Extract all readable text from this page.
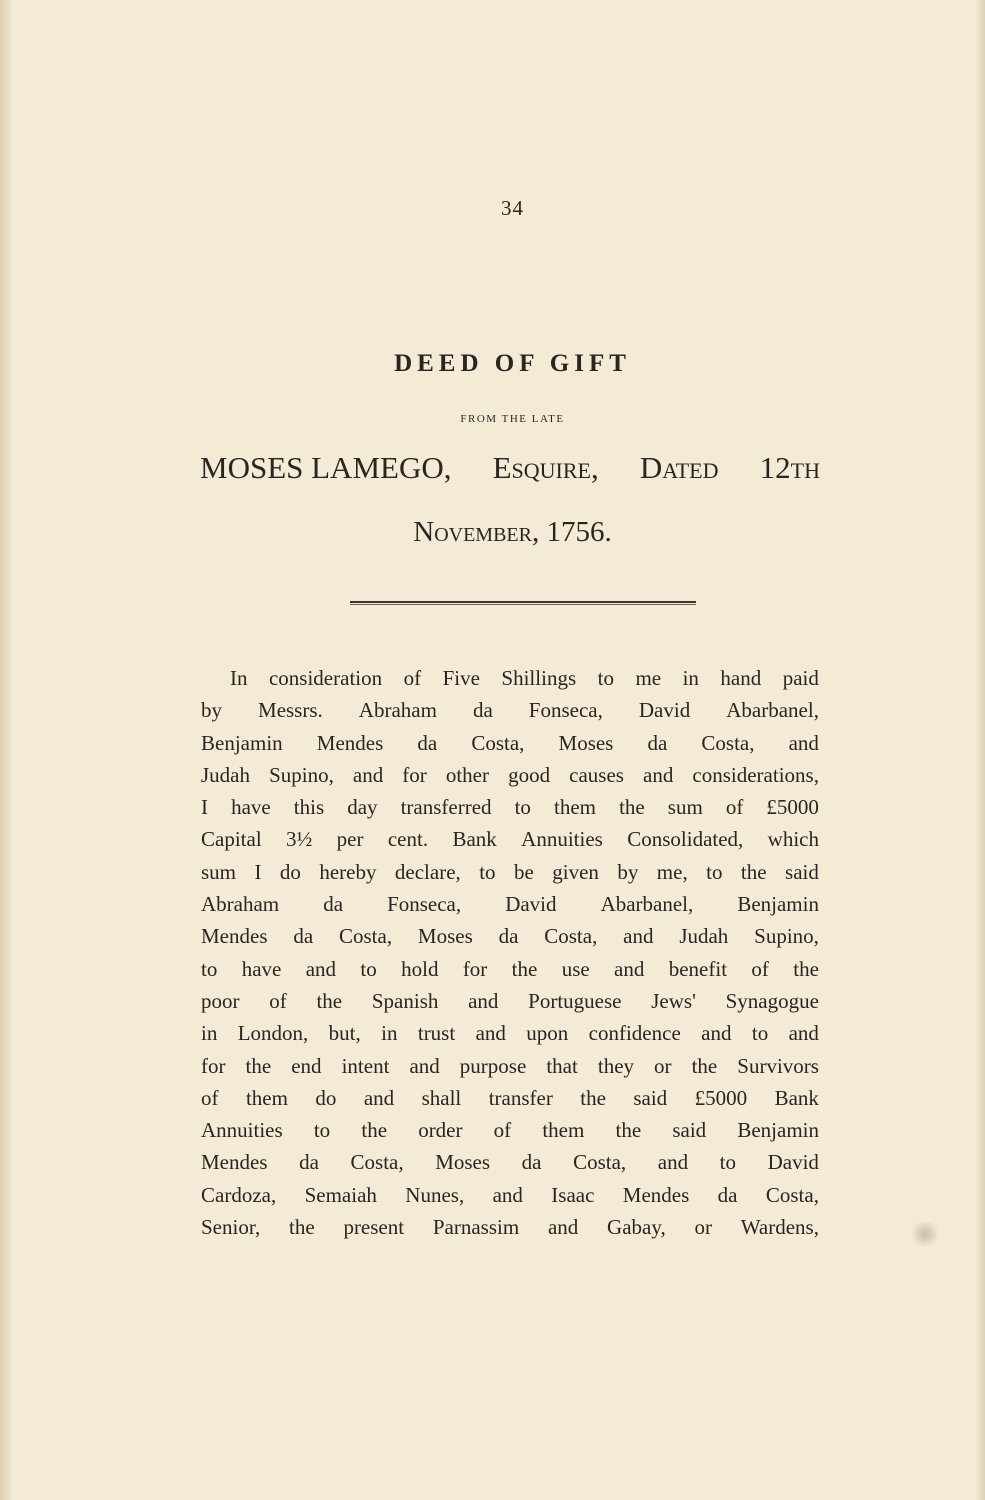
34
DEED OF GIFT
FROM THE LATE
MOSES LAMEGO, Esquire, Dated 12th
November, 1756.
In consideration of Five Shillings to me in hand paid
by Messrs. Abraham da Fonseca, David Abarbanel,
Benjamin Mendes da Costa, Moses da Costa, and
Judah Supino, and for other good causes and considerations,
I have this day transferred to them the sum of £5000
Capital 3½ per cent. Bank Annuities Consolidated, which
sum I do hereby declare, to be given by me, to the said
Abraham da Fonseca, David Abarbanel, Benjamin
Mendes da Costa, Moses da Costa, and Judah Supino,
to have and to hold for the use and benefit of the
poor of the Spanish and Portuguese Jews' Synagogue
in London, but, in trust and upon confidence and to and
for the end intent and purpose that they or the Survivors
of them do and shall transfer the said £5000 Bank
Annuities to the order of them the said Benjamin
Mendes da Costa, Moses da Costa, and to David
Cardoza, Semaiah Nunes, and Isaac Mendes da Costa,
Senior, the present Parnassim and Gabay, or Wardens,
